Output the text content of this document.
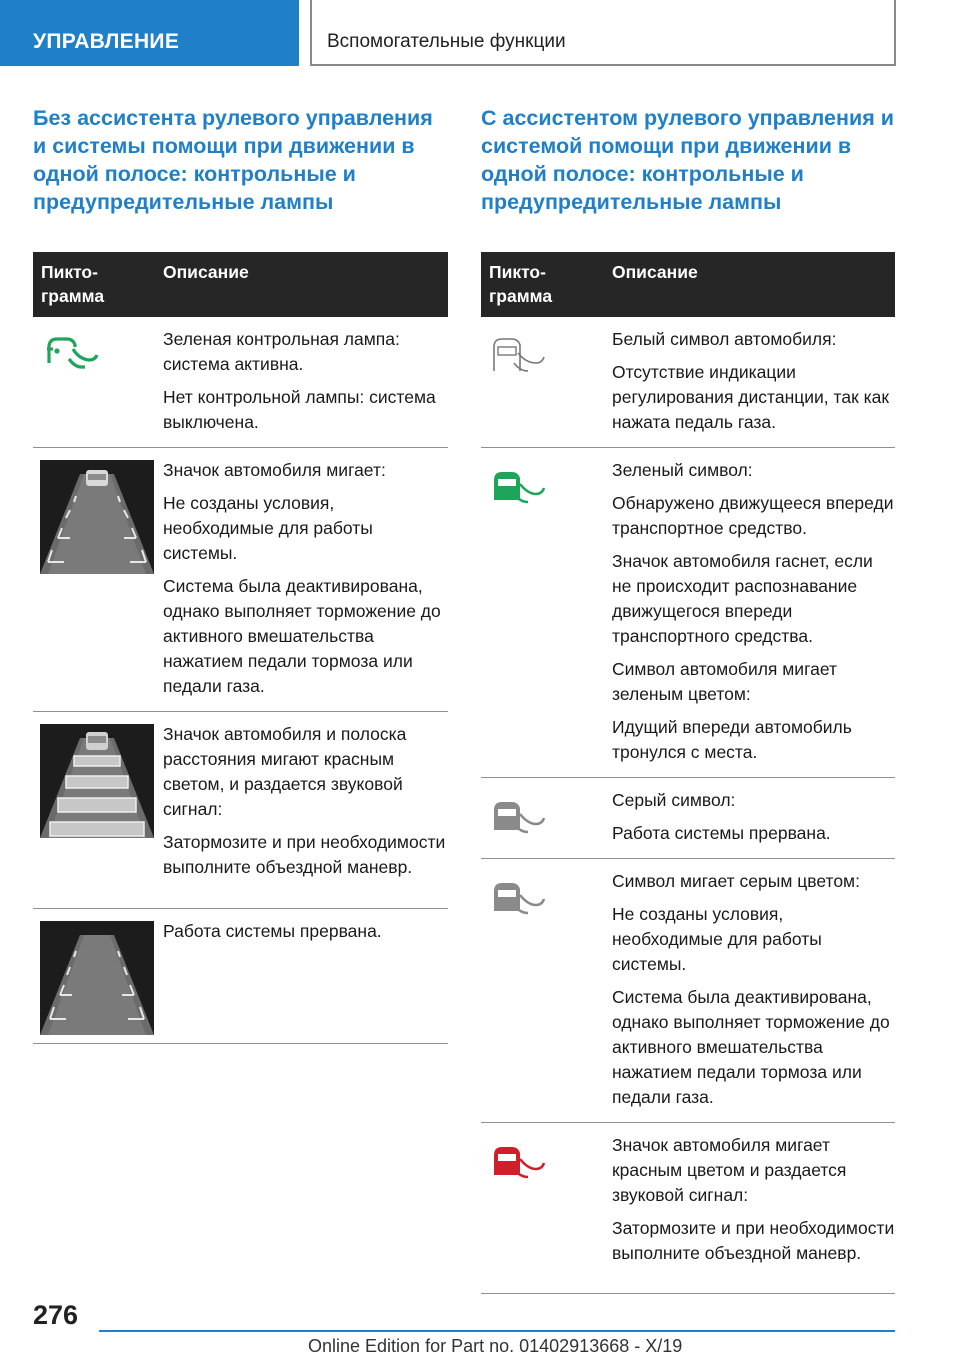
УПРАВЛЕНИЕ	Вспомогательные функции
Без ассистента рулевого управления и системы помощи при движении в одной полосе: контрольные и предупредительные лампы
Пикто-
грамма
Описание

Зеленая контрольная лампа: система активна.

Нет контрольной лампы: система выключена.

Значок автомобиля мигает:

Не созданы условия, необходимые для работы системы.

Система была деактивирована, однако выполняет торможение до активного вмешательства нажатием педали тормоза или педали газа.

Значок автомобиля и полоска расстояния мигают красным светом, и раздается звуковой сигнал:

Затормозите и при необходимости выполните объездной маневр.

Работа системы прервана.

С ассистентом рулевого управления и системой помощи при движении в одной полосе: контрольные и предупредительные лампы
Пикто-
грамма
Описание

Белый символ автомобиля:

Отсутствие индикации регулирования дистанции, так как нажата педаль газа.

Зеленый символ:

Обнаружено движущееся впереди транспортное средство.

Значок автомобиля гаснет, если не происходит распознавание движущегося впереди транспортного средства.

Символ автомобиля мигает зеленым цветом:

Идущий впереди автомобиль тронулся с места.

Серый символ:

Работа системы прервана.

Символ мигает серым цветом:

Не созданы условия, необходимые для работы системы.

Система была деактивирована, однако выполняет торможение до активного вмешательства нажатием педали тормоза или педали газа.

Значок автомобиля мигает красным цветом и раздается звуковой сигнал:

Затормозите и при необходимости выполните объездной маневр.

276
Online Edition for Part no. 01402913668 - X/19
